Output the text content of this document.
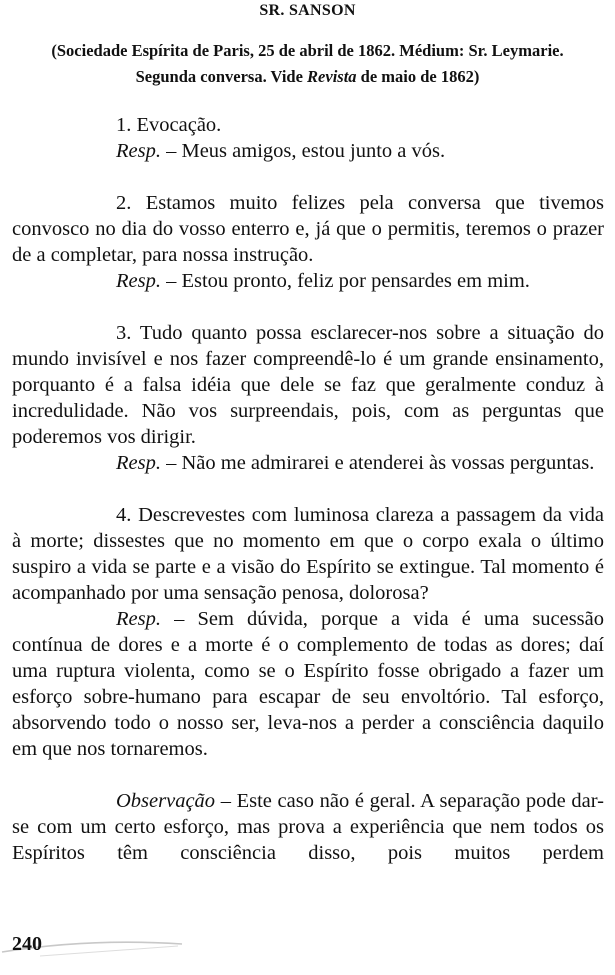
SR. SANSON
(Sociedade Espírita de Paris, 25 de abril de 1862. Médium: Sr. Leymarie.
Segunda conversa. Vide Revista de maio de 1862)

1. Evocação.

Resp. – Meus amigos, estou junto a vós.

2. Estamos muito felizes pela conversa que tivemos convosco no dia do vosso enterro e, já que o permitis, teremos o prazer de a completar, para nossa instrução.

Resp. – Estou pronto, feliz por pensardes em mim.

3. Tudo quanto possa esclarecer-nos sobre a situação do mundo invisível e nos fazer compreendê-lo é um grande ensinamento, porquanto é a falsa idéia que dele se faz que geralmente conduz à incredulidade. Não vos surpreendais, pois, com as perguntas que poderemos vos dirigir.

Resp. – Não me admirarei e atenderei às vossas perguntas.

4. Descrevestes com luminosa clareza a passagem da vida à morte; dissestes que no momento em que o corpo exala o último suspiro a vida se parte e a visão do Espírito se extingue. Tal momento é acompanhado por uma sensação penosa, dolorosa?

Resp. – Sem dúvida, porque a vida é uma sucessão contínua de dores e a morte é o complemento de todas as dores; daí uma ruptura violenta, como se o Espírito fosse obrigado a fazer um esforço sobre-humano para escapar de seu envoltório. Tal esforço, absorvendo todo o nosso ser, leva-nos a perder a consciência daquilo em que nos tornaremos.

Observação – Este caso não é geral. A separação pode dar-se com um certo esforço, mas prova a experiência que nem todos os Espíritos têm consciência disso, pois muitos perdem

240
